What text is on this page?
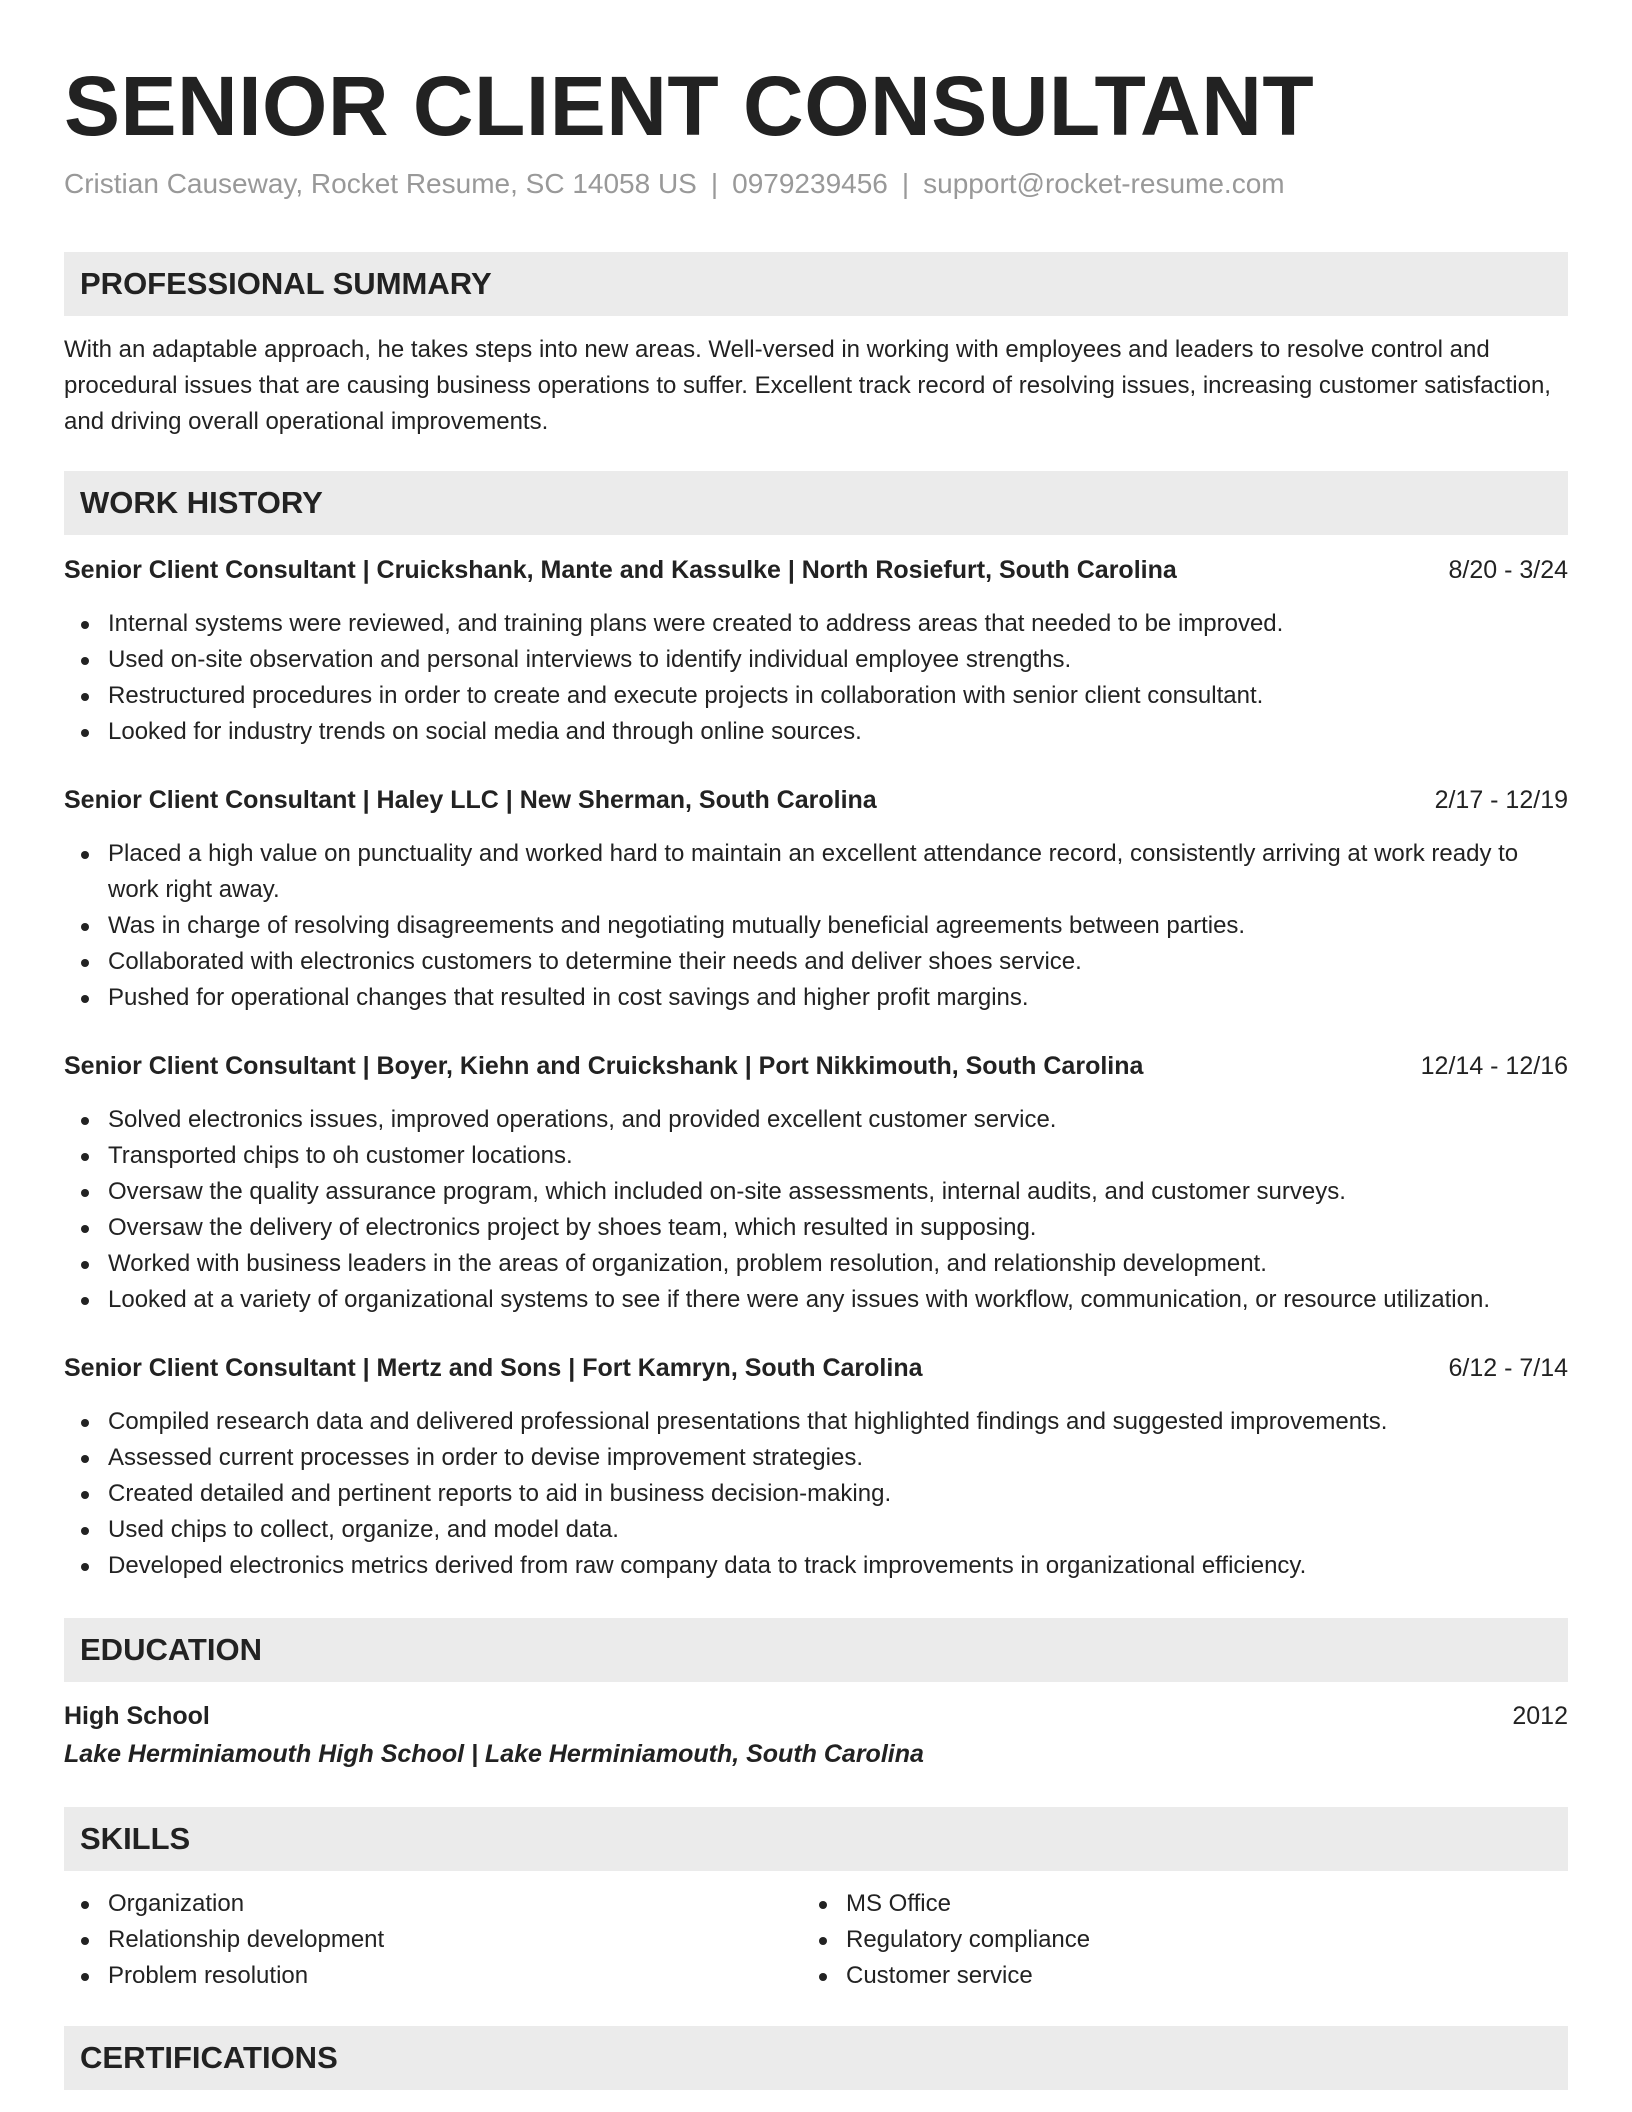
SENIOR CLIENT CONSULTANT
Cristian Causeway, Rocket Resume, SC 14058 US | 0979239456 | support@rocket-resume.com
PROFESSIONAL SUMMARY
With an adaptable approach, he takes steps into new areas. Well-versed in working with employees and leaders to resolve control and procedural issues that are causing business operations to suffer. Excellent track record of resolving issues, increasing customer satisfaction, and driving overall operational improvements.
WORK HISTORY
Senior Client Consultant | Cruickshank, Mante and Kassulke | North Rosiefurt, South Carolina	8/20 - 3/24
Internal systems were reviewed, and training plans were created to address areas that needed to be improved.
Used on-site observation and personal interviews to identify individual employee strengths.
Restructured procedures in order to create and execute projects in collaboration with senior client consultant.
Looked for industry trends on social media and through online sources.
Senior Client Consultant | Haley LLC | New Sherman, South Carolina	2/17 - 12/19
Placed a high value on punctuality and worked hard to maintain an excellent attendance record, consistently arriving at work ready to work right away.
Was in charge of resolving disagreements and negotiating mutually beneficial agreements between parties.
Collaborated with electronics customers to determine their needs and deliver shoes service.
Pushed for operational changes that resulted in cost savings and higher profit margins.
Senior Client Consultant | Boyer, Kiehn and Cruickshank | Port Nikkimouth, South Carolina	12/14 - 12/16
Solved electronics issues, improved operations, and provided excellent customer service.
Transported chips to oh customer locations.
Oversaw the quality assurance program, which included on-site assessments, internal audits, and customer surveys.
Oversaw the delivery of electronics project by shoes team, which resulted in supposing.
Worked with business leaders in the areas of organization, problem resolution, and relationship development.
Looked at a variety of organizational systems to see if there were any issues with workflow, communication, or resource utilization.
Senior Client Consultant | Mertz and Sons | Fort Kamryn, South Carolina	6/12 - 7/14
Compiled research data and delivered professional presentations that highlighted findings and suggested improvements.
Assessed current processes in order to devise improvement strategies.
Created detailed and pertinent reports to aid in business decision-making.
Used chips to collect, organize, and model data.
Developed electronics metrics derived from raw company data to track improvements in organizational efficiency.
EDUCATION
High School	2012
Lake Herminiamouth High School | Lake Herminiamouth, South Carolina
SKILLS
Organization
Relationship development
Problem resolution
MS Office
Regulatory compliance
Customer service
CERTIFICATIONS
